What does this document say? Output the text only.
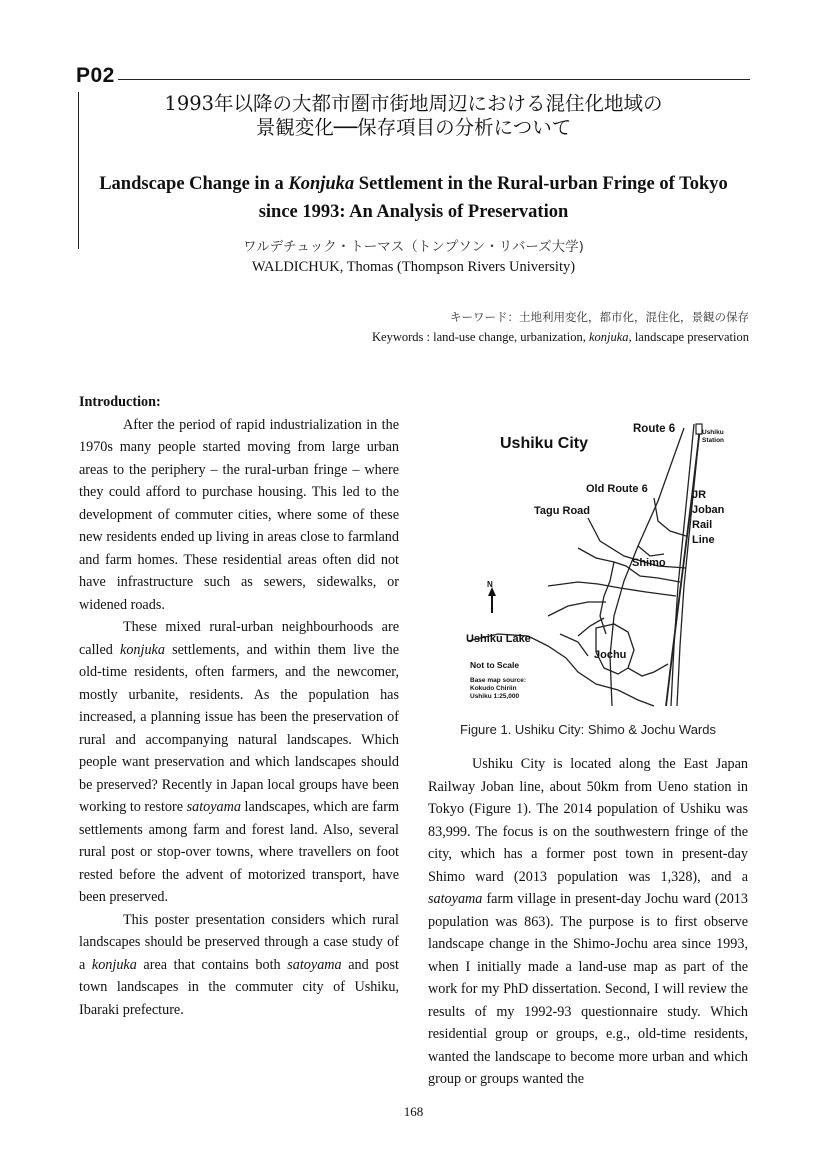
P02
1993年以降の大都市圏市街地周辺における混住化地域の
景観変化──保存項目の分析について
Landscape Change in a Konjuka Settlement in the Rural-urban Fringe of Tokyo
since 1993: An Analysis of Preservation
ワルデチュック・トーマス（トンプソン・リバーズ大学)
WALDICHUK, Thomas (Thompson Rivers University)
キーワード：土地利用変化，都市化，混住化，景観の保存
Keywords : land-use change, urbanization, konjuka, landscape preservation
Introduction:

After the period of rapid industrialization in the 1970s many people started moving from large urban areas to the periphery – the rural-urban fringe – where they could afford to purchase housing. This led to the development of commuter cities, where some of these new residents ended up living in areas close to farmland and farm homes. These residential areas often did not have infrastructure such as sewers, sidewalks, or widened roads.

These mixed rural-urban neighbourhoods are called konjuka settlements, and within them live the old-time residents, often farmers, and the newcomer, mostly urbanite, residents. As the population has increased, a planning issue has been the preservation of rural and accompanying natural landscapes. Which people want preservation and which landscapes should be preserved? Recently in Japan local groups have been working to restore satoyama landscapes, which are farm settlements among farm and forest land. Also, several rural post or stop-over towns, where travellers on foot rested before the advent of motorized transport, have been preserved.

This poster presentation considers which rural landscapes should be preserved through a case study of a konjuka area that contains both satoyama and post town landscapes in the commuter city of Ushiku, Ibaraki prefecture.

Ushiku City
Route 6	Ushiku
Station
Old Route 6
Tagu Road
JR
Joban
Rail
Line
Shimo
N
Ushiku Lake
Jochu
Not to Scale
Base map source:
Kokudo Chiriin
Ushiku 1:25,000
Figure 1. Ushiku City: Shimo & Jochu Wards

Ushiku City is located along the East Japan Railway Joban line, about 50km from Ueno station in Tokyo (Figure 1). The 2014 population of Ushiku was 83,999. The focus is on the southwestern fringe of the city, which has a former post town in present-day Shimo ward (2013 population was 1,328), and a satoyama farm village in present-day Jochu ward (2013 population was 863). The purpose is to first observe landscape change in the Shimo-Jochu area since 1993, when I initially made a land-use map as part of the work for my PhD dissertation. Second, I will review the results of my 1992-93 questionnaire study. Which residential group or groups, e.g., old-time residents, wanted the landscape to become more urban and which group or groups wanted the

168
